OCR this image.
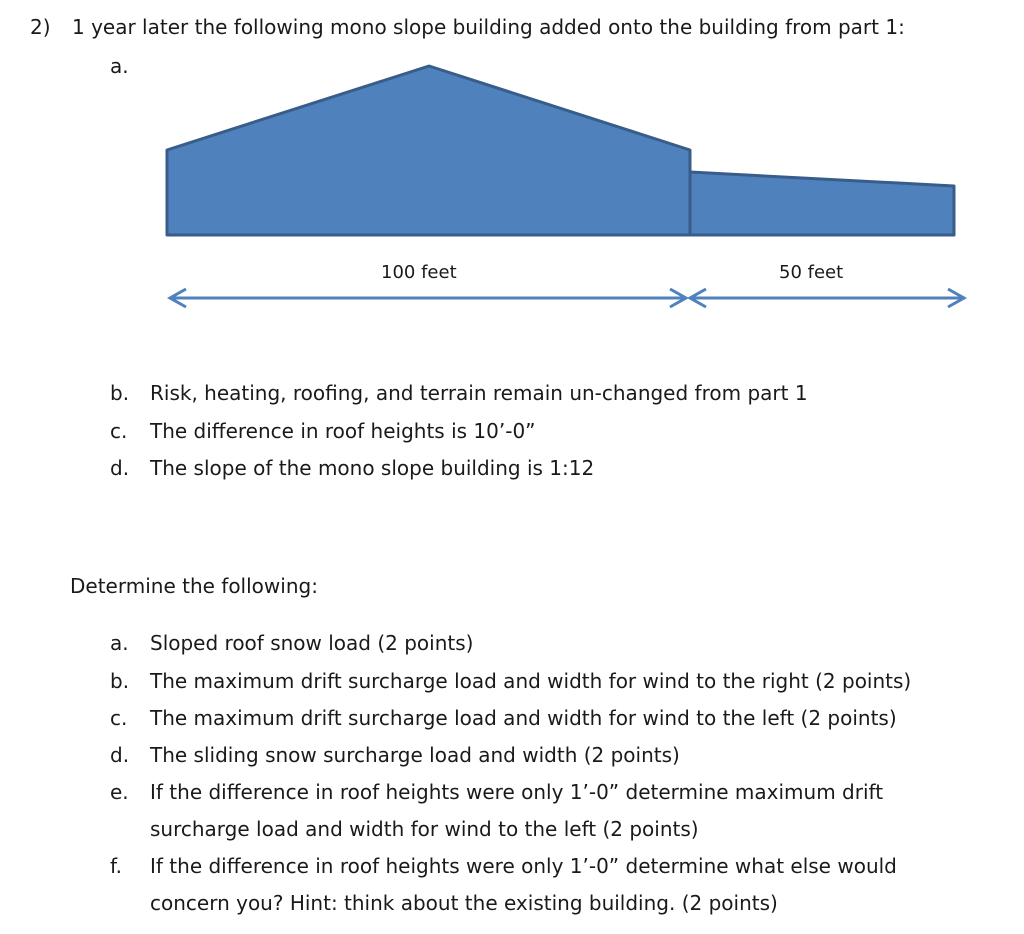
2) 1 year later the following mono slope building added onto the building from part 1:
a.
100 feet	50 feet
b. Risk, heating, roofing, and terrain remain un-changed from part 1
c. The difference in roof heights is 10’-0”
d. The slope of the mono slope building is 1:12
Determine the following:
a. Sloped roof snow load (2 points)
b. The maximum drift surcharge load and width for wind to the right (2 points)
c. The maximum drift surcharge load and width for wind to the left (2 points)
d. The sliding snow surcharge load and width (2 points)
e. If the difference in roof heights were only 1’-0” determine maximum drift
surcharge load and width for wind to the left (2 points)
f. If the difference in roof heights were only 1’-0” determine what else would
concern you? Hint: think about the existing building. (2 points)
